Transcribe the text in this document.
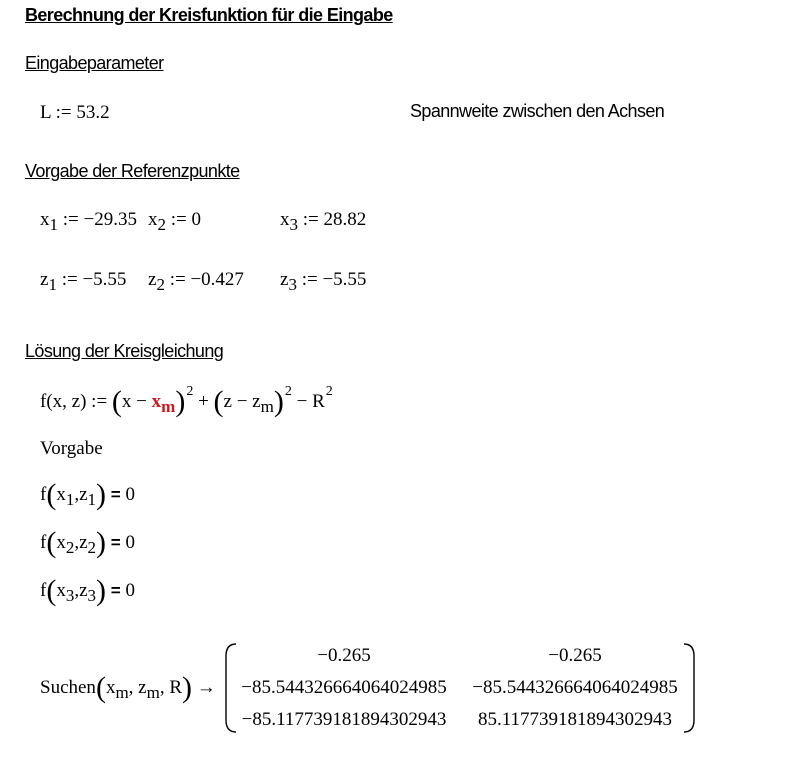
Berechnung der Kreisfunktion für die Eingabe
Eingabeparameter
L := 53.2	Spannweite zwischen den Achsen
Vorgabe der Referenzpunkte
x1 := −29.35 x2 := 0	x3 := 28.82
z1 := −5.55 z2 := −0.427 z3 := −5.55
Lösung der Kreisgleichung
f(x, z) := $(x - xm)^2 + (z - zm)^2 - R^2$
Vorgabe
f(x1,z1) = 0
f(x2,z2) = 0
f(x3,z3) = 0
Suchen(xm, zm, R) →
−0.265	−0.265
−85.544326664064024985	−85.544326664064024985
−85.117739181894302943	85.117739181894302943
